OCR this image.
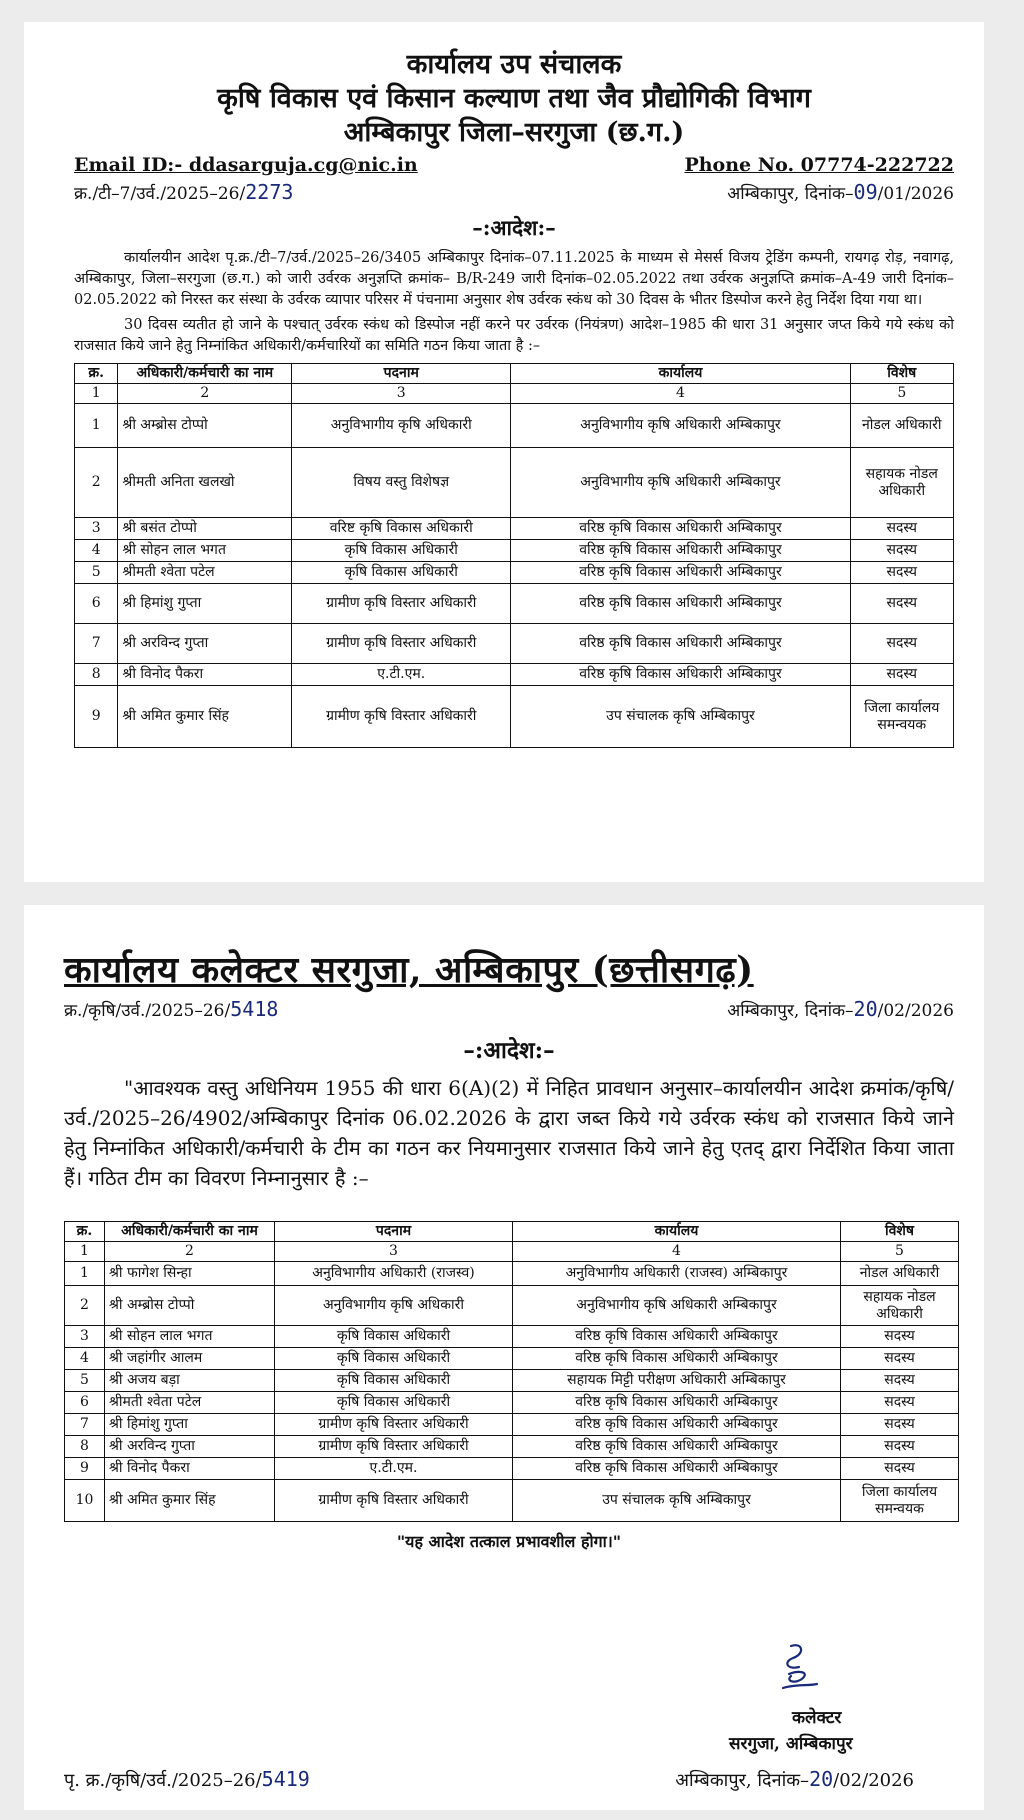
कार्यालय उप संचालक
कृषि विकास एवं किसान कल्याण तथा जैव प्रौद्योगिकी विभाग
अम्बिकापुर जिला–सरगुजा (छ.ग.)
Email ID:- ddasarguja.cg@nic.in	Phone No. 07774-222722
क्र./टी–7/उर्व./2025–26/2273	अम्बिकापुर, दिनांक–09/01/2026
–:आदेश:–

कार्यालयीन आदेश पृ.क्र./टी–7/उर्व./2025–26/3405 अम्बिकापुर दिनांक–07.11.2025 के माध्यम से मेसर्स विजय ट्रेडिंग कम्पनी, रायगढ़ रोड़, नवागढ़, अम्बिकापुर, जिला–सरगुजा (छ.ग.) को जारी उर्वरक अनुज्ञप्ति क्रमांक– B/R-249 जारी दिनांक–02.05.2022 तथा उर्वरक अनुज्ञप्ति क्रमांक–A-49 जारी दिनांक–02.05.2022 को निरस्त कर संस्था के उर्वरक व्यापार परिसर में पंचनामा अनुसार शेष उर्वरक स्कंध को 30 दिवस के भीतर डिस्पोज करने हेतु निर्देश दिया गया था।

30 दिवस व्यतीत हो जाने के पश्चात् उर्वरक स्कंध को डिस्पोज नहीं करने पर उर्वरक (नियंत्रण) आदेश–1985 की धारा 31 अनुसार जप्त किये गये स्कंध को राजसात किये जाने हेतु निम्नांकित अधिकारी/कर्मचारियों का समिति गठन किया जाता है :–

क्र.	अधिकारी/कर्मचारी का नाम	पदनाम	कार्यालय	विशेष
1	2	3	4	5
1	श्री अम्ब्रोस टोप्पो	अनुविभागीय कृषि अधिकारी	अनुविभागीय कृषि अधिकारी अम्बिकापुर	नोडल अधिकारी
2	श्रीमती अनिता खलखो	विषय वस्तु विशेषज्ञ	अनुविभागीय कृषि अधिकारी अम्बिकापुर	सहायक नोडल अधिकारी
3	श्री बसंत टोप्पो	वरिष्ट कृषि विकास अधिकारी	वरिष्ठ कृषि विकास अधिकारी अम्बिकापुर	सदस्य
4	श्री सोहन लाल भगत	कृषि विकास अधिकारी	वरिष्ठ कृषि विकास अधिकारी अम्बिकापुर	सदस्य
5	श्रीमती श्वेता पटेल	कृषि विकास अधिकारी	वरिष्ठ कृषि विकास अधिकारी अम्बिकापुर	सदस्य
6	श्री हिमांशु गुप्ता	ग्रामीण कृषि विस्तार अधिकारी	वरिष्ठ कृषि विकास अधिकारी अम्बिकापुर	सदस्य
7	श्री अरविन्द गुप्ता	ग्रामीण कृषि विस्तार अधिकारी	वरिष्ठ कृषि विकास अधिकारी अम्बिकापुर	सदस्य
8	श्री विनोद पैकरा	ए.टी.एम.	वरिष्ठ कृषि विकास अधिकारी अम्बिकापुर	सदस्य
9	श्री अमित कुमार सिंह	ग्रामीण कृषि विस्तार अधिकारी	उप संचालक कृषि अम्बिकापुर	जिला कार्यालय समन्वयक
कार्यालय कलेक्टर सरगुजा, अम्बिकापुर (छत्तीसगढ़)
क्र./कृषि/उर्व./2025–26/5418	अम्बिकापुर, दिनांक–20/02/2026
–:आदेश:–

"आवश्यक वस्तु अधिनियम 1955 की धारा 6(A)(2) में निहित प्रावधान अनुसार–कार्यालयीन आदेश क्रमांक/कृषि/उर्व./2025–26/4902/अम्बिकापुर दिनांक 06.02.2026 के द्वारा जब्त किये गये उर्वरक स्कंध को राजसात किये जाने हेतु निम्नांकित अधिकारी/कर्मचारी के टीम का गठन कर नियमानुसार राजसात किये जाने हेतु एतद् द्वारा निर्देशित किया जाता हैं। गठित टीम का विवरण निम्नानुसार है :–

क्र.	अधिकारी/कर्मचारी का नाम	पदनाम	कार्यालय	विशेष
1	2	3	4	5
1	श्री फागेश सिन्हा	अनुविभागीय अधिकारी (राजस्व)	अनुविभागीय अधिकारी (राजस्व) अम्बिकापुर	नोडल अधिकारी
2	श्री अम्ब्रोस टोप्पो	अनुविभागीय कृषि अधिकारी	अनुविभागीय कृषि अधिकारी अम्बिकापुर	सहायक नोडल अधिकारी
3	श्री सोहन लाल भगत	कृषि विकास अधिकारी	वरिष्ठ कृषि विकास अधिकारी अम्बिकापुर	सदस्य
4	श्री जहांगीर आलम	कृषि विकास अधिकारी	वरिष्ठ कृषि विकास अधिकारी अम्बिकापुर	सदस्य
5	श्री अजय बड़ा	कृषि विकास अधिकारी	सहायक मिट्टी परीक्षण अधिकारी अम्बिकापुर	सदस्य
6	श्रीमती श्वेता पटेल	कृषि विकास अधिकारी	वरिष्ठ कृषि विकास अधिकारी अम्बिकापुर	सदस्य
7	श्री हिमांशु गुप्ता	ग्रामीण कृषि विस्तार अधिकारी	वरिष्ठ कृषि विकास अधिकारी अम्बिकापुर	सदस्य
8	श्री अरविन्द गुप्ता	ग्रामीण कृषि विस्तार अधिकारी	वरिष्ठ कृषि विकास अधिकारी अम्बिकापुर	सदस्य
9	श्री विनोद पैकरा	ए.टी.एम.	वरिष्ठ कृषि विकास अधिकारी अम्बिकापुर	सदस्य
10	श्री अमित कुमार सिंह	ग्रामीण कृषि विस्तार अधिकारी	उप संचालक कृषि अम्बिकापुर	जिला कार्यालय समन्वयक
"यह आदेश तत्काल प्रभावशील होगा।"
कलेक्टर
सरगुजा, अम्बिकापुर
पृ. क्र./कृषि/उर्व./2025–26/5419	अम्बिकापुर, दिनांक–20/02/2026
